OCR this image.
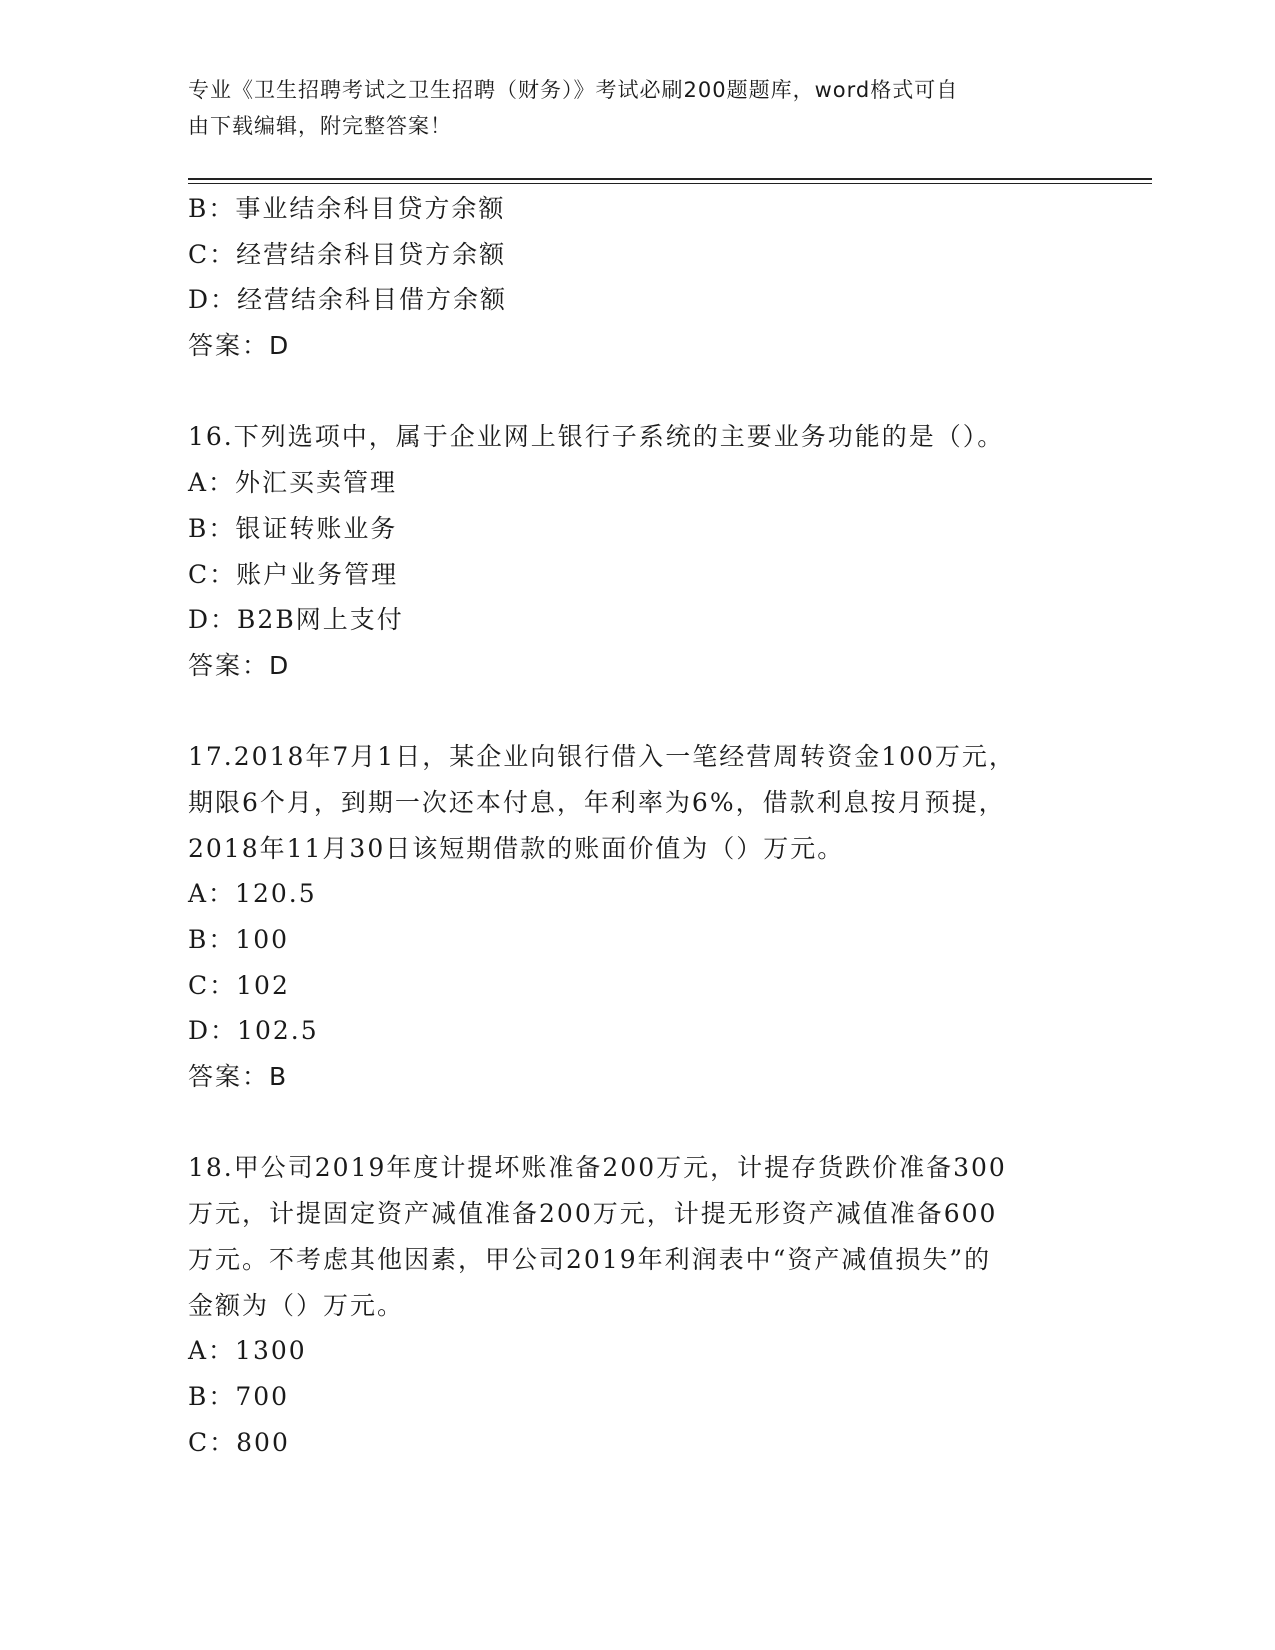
专业《卫生招聘考试之卫生招聘（财务）》考试必刷200题题库，word格式可自
由下载编辑，附完整答案！
B：事业结余科目贷方余额
C：经营结余科目贷方余额
D：经营结余科目借方余额
答案：D
16.下列选项中，属于企业网上银行子系统的主要业务功能的是（）。
A：外汇买卖管理
B：银证转账业务
C：账户业务管理
D：B2B网上支付
答案：D
17.2018年7月1日，某企业向银行借入一笔经营周转资金100万元，
期限6个月，到期一次还本付息，年利率为6%，借款利息按月预提，
2018年11月30日该短期借款的账面价值为（）万元。
A：120.5
B：100
C：102
D：102.5
答案：B
18.甲公司2019年度计提坏账准备200万元，计提存货跌价准备300
万元，计提固定资产减值准备200万元，计提无形资产减值准备600
万元。不考虑其他因素，甲公司2019年利润表中“资产减值损失”的
金额为（）万元。
A：1300
B：700
C：800
